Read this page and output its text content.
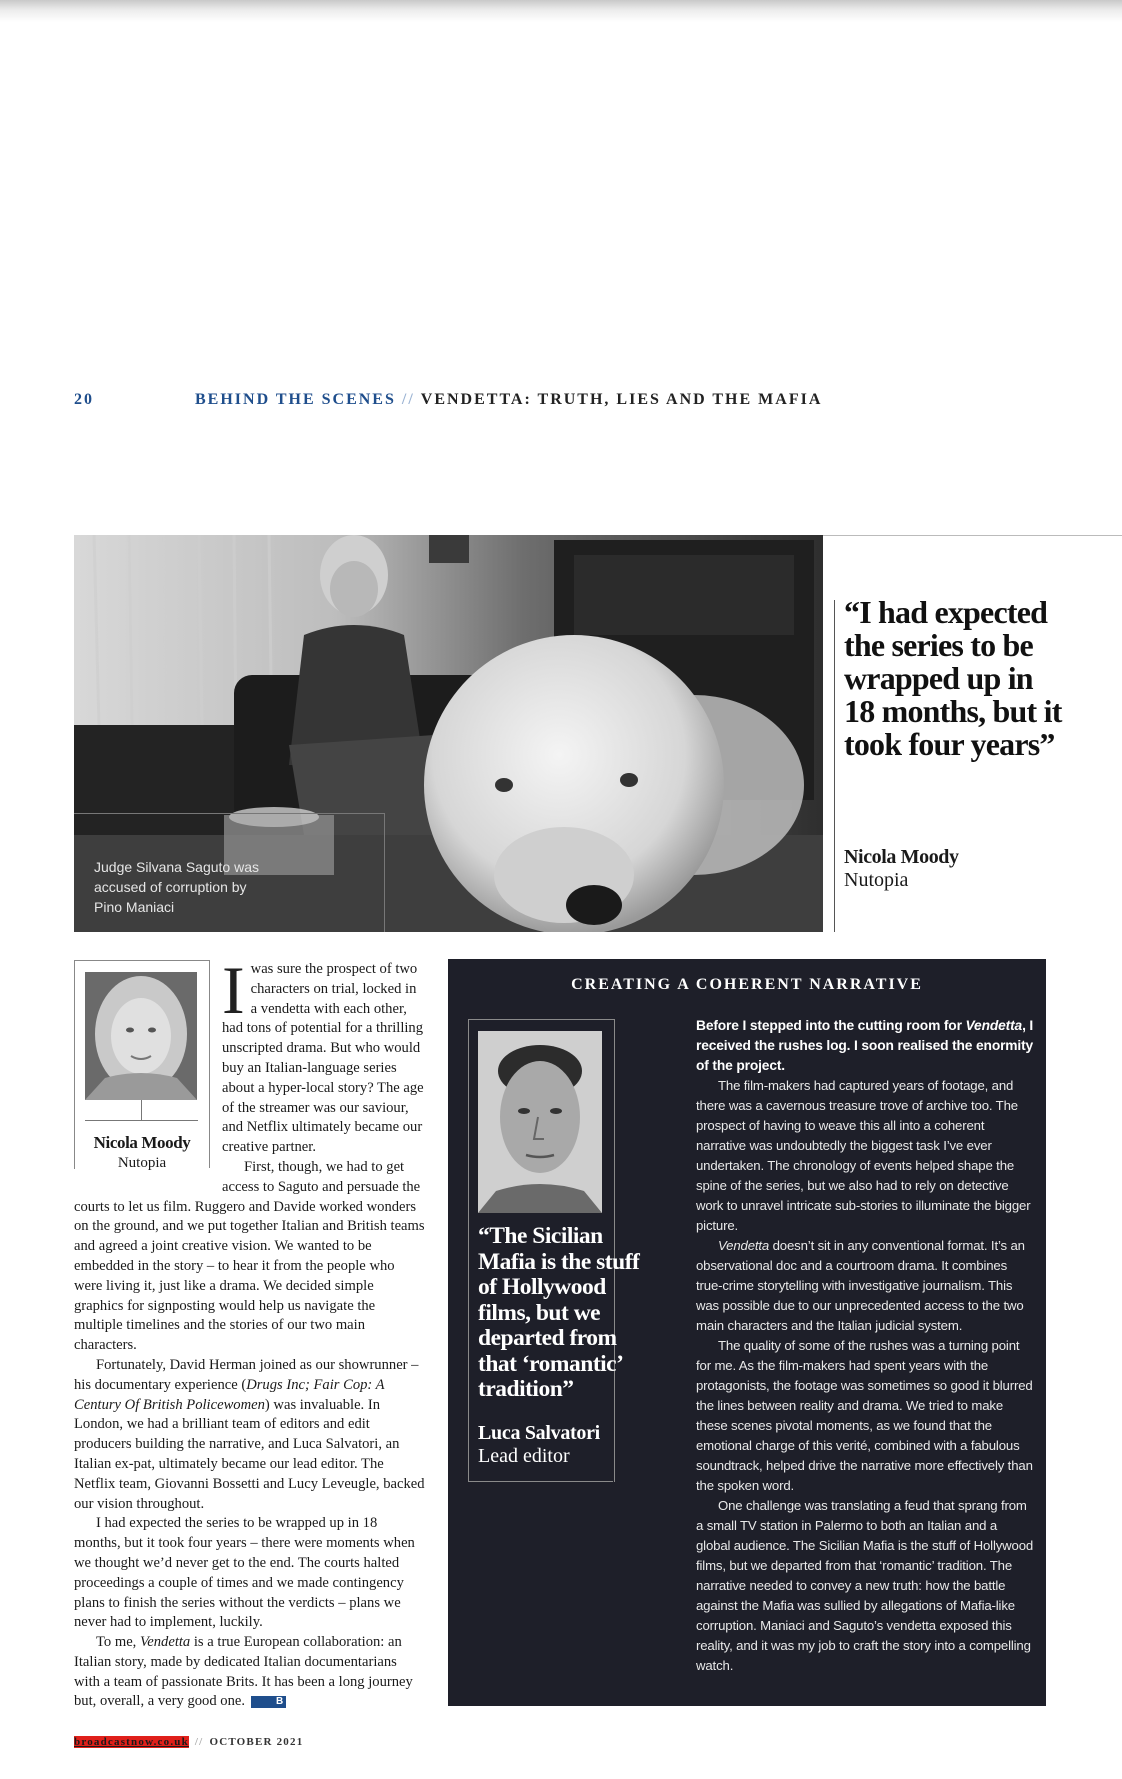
20	BEHIND THE SCENES // VENDETTA: TRUTH, LIES AND THE MAFIA
Judge Silvana Saguto was accused of corruption by Pino Maniaci
“I had expected the series to be wrapped up in 18 months, but it took four years”
Nicola Moody
Nutopia
Nicola Moody
Nutopia

Iwas sure the prospect of two characters on trial, locked in a vendetta with each other, had tons of potential for a thrilling unscripted drama. But who would buy an Italian-language series about a hyper-local story? The age of the streamer was our saviour, and Netflix ultimately became our creative partner.

First, though, we had to get access to Saguto and persuade the courts to let us film. Ruggero and Davide worked wonders on the ground, and we put together Italian and British teams and agreed a joint creative vision. We wanted to be embedded in the story – to hear it from the people who were living it, just like a drama. We decided simple graphics for signposting would help us navigate the multiple timelines and the stories of our two main characters.

Fortunately, David Herman joined as our showrunner – his documentary experience (Drugs Inc; Fair Cop: A Century Of British Policewomen) was invaluable. In London, we had a brilliant team of editors and edit producers building the narrative, and Luca Salvatori, an Italian ex-pat, ultimately became our lead editor. The Netflix team, Giovanni Bossetti and Lucy Leveugle, backed our vision throughout.

I had expected the series to be wrapped up in 18 months, but it took four years – there were moments when we thought we’d never get to the end. The courts halted proceedings a couple of times and we made contingency plans to finish the series without the verdicts – plans we never had to implement, luckily.

To me, Vendetta is a true European collaboration: an Italian story, made by dedicated Italian documentarians with a team of passionate Brits. It has been a long journey but, overall, a very good one.	B

CREATING A COHERENT NARRATIVE
“The Sicilian Mafia is the stuff of Hollywood films, but we departed from that ‘romantic’ tradition”
Luca Salvatori
Lead editor

Before I stepped into the cutting room for Vendetta, I received the rushes log. I soon realised the enormity of the project.

The film-makers had captured years of footage, and there was a cavernous treasure trove of archive too. The prospect of having to weave this all into a coherent narrative was undoubtedly the biggest task I’ve ever undertaken. The chronology of events helped shape the spine of the series, but we also had to rely on detective work to unravel intricate sub-stories to illuminate the bigger picture.

Vendetta doesn’t sit in any conventional format. It’s an observational doc and a courtroom drama. It combines true-crime storytelling with investigative journalism. This was possible due to our unprecedented access to the two main characters and the Italian judicial system.

The quality of some of the rushes was a turning point for me. As the film-makers had spent years with the protagonists, the footage was sometimes so good it blurred the lines between reality and drama. We tried to make these scenes pivotal moments, as we found that the emotional charge of this verité, combined with a fabulous soundtrack, helped drive the narrative more effectively than the spoken word.

One challenge was translating a feud that sprang from a small TV station in Palermo to both an Italian and a global audience. The Sicilian Mafia is the stuff of Hollywood films, but we departed from that ‘romantic’ tradition. The narrative needed to convey a new truth: how the battle against the Mafia was sullied by allegations of Mafia-like corruption. Maniaci and Saguto’s vendetta exposed this reality, and it was my job to craft the story into a compelling watch.

broadcastnow.co.uk // OCTOBER 2021
